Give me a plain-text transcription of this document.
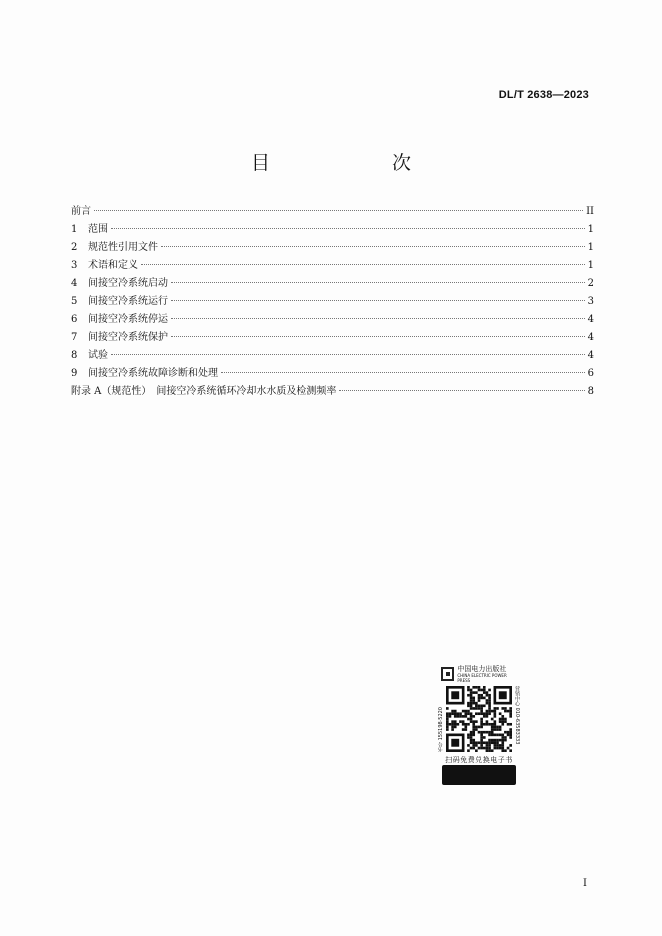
DL/T 2638—2023
目　　次
前言	II
1	范围	1
2	规范性引用文件	1
3	术语和定义	1
4	间接空冷系统启动	2
5	间接空冷系统运行	3
6	间接空冷系统停运	4
7	间接空冷系统保护	4
8	试验	4
9	间接空冷系统故障诊断和处理	6
附录 A（规范性）　间接空冷系统循环冷却水水质及检测频率	8
中国电力出版社
CHINA ELECTRIC POWER PRESS
书号 155198·5220	营销中心 010-63583333
扫码免费兑换电子书
I
